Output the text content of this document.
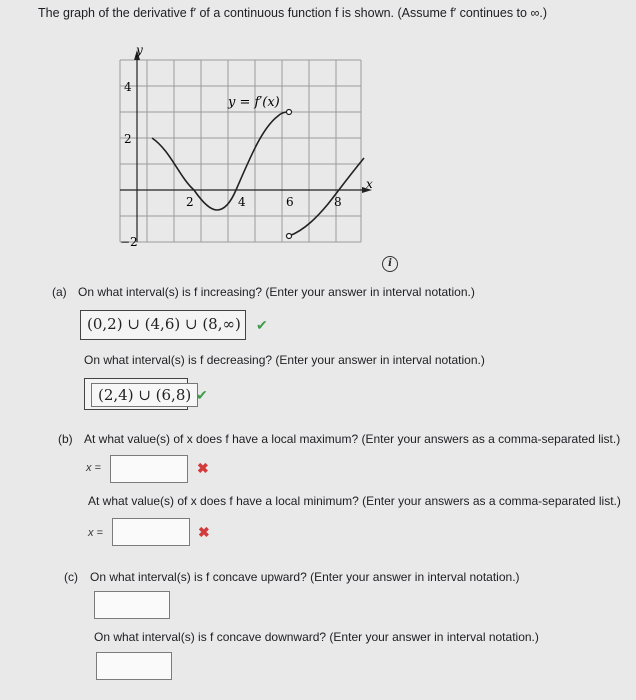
The graph of the derivative f′ of a continuous function f is shown. (Assume f′ continues to ∞.)
y
x
4
2
−2
2	4	6	8
y = f′(x)
i
(a) On what interval(s) is f increasing? (Enter your answer in interval notation.)
(0,2) ∪ (4,6) ∪ (8,∞)	✔
On what interval(s) is f decreasing? (Enter your answer in interval notation.)
(2,4) ∪ (6,8) ✔
(b) At what value(s) of x does f have a local maximum? (Enter your answers as a comma-separated list.)
x =	✖
At what value(s) of x does f have a local minimum? (Enter your answers as a comma-separated list.)
x =	✖
(c) On what interval(s) is f concave upward? (Enter your answer in interval notation.)
On what interval(s) is f concave downward? (Enter your answer in interval notation.)
